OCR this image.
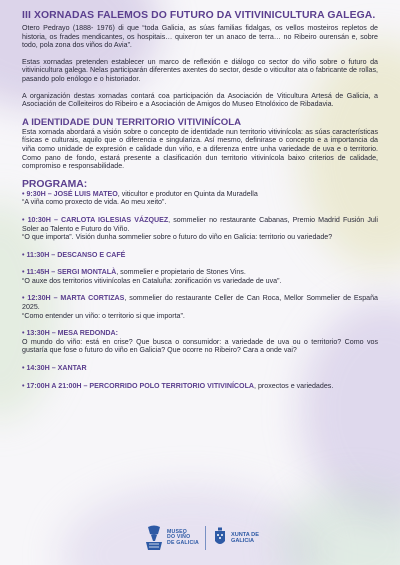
III XORNADAS FALEMOS DO FUTURO DA VITIVINICULTURA GALEGA.

Otero Pedrayo (1888- 1976) di que “toda Galicia, as súas familias fidalgas, os vellos mosteiros repletos de historia, os frades mendicantes, os hospitais… quixeron ter un anaco de terra… no Ribeiro ourensán e, sobre todo, pola zona dos viños do Avia”.

Estas xornadas pretenden establecer un marco de reflexión e diálogo co sector do viño sobre o futuro da vitivinicultura galega. Nelas participarán diferentes axentes do sector, desde o viticultor ata o fabricante de rollas, pasando polo enólogo e o historiador.

A organización destas xornadas contará coa participación da Asociación de Viticultura Artesá de Galicia, a Asociación de Colleiteiros do Ribeiro e a Asociación de Amigos do Museo Etnolóxico de Ribadavia.

A IDENTIDADE DUN TERRITORIO VITIVINÍCOLA

Esta xornada abordará a visión sobre o concepto de identidade nun territorio vitivinícola: as súas características físicas e culturais, aquilo que o diferencia e singulariza. Así mesmo, definirase o concepto e a importancia da viña como unidade de expresión e calidade dun viño, e a diferenza entre unha variedade de uva e o territorio. Como pano de fondo, estará presente a clasificación dun territorio vitivinícola baixo criterios de calidade, compromiso e responsabilidade.

PROGRAMA:
• 9:30H – JOSÉ LUIS MATEO, viticultor e produtor en Quinta da Muradella
“A viña como proxecto de vida. Ao meu xeito”.
• 10:30H – CARLOTA IGLESIAS VÁZQUEZ, sommelier no restaurante Cabanas, Premio Madrid Fusión Juli Soler ao Talento e Futuro do Viño.
“O que importa”. Visión dunha sommelier sobre o futuro do viño en Galicia: territorio ou variedade?
• 11:30H – DESCANSO E CAFÉ
• 11:45H – SERGI MONTALÀ, sommelier e propietario de Stones Vins.
“O auxe dos territorios vitivinícolas en Cataluña: zonificación vs variedade de uva”.
• 12:30H – MARTA CORTIZAS, sommelier do restaurante Celler de Can Roca, Mellor Sommelier de España 2025.
“Como entender un viño: o territorio si que importa”.
• 13:30H – MESA REDONDA:
O mundo do viño: está en crise? Que busca o consumidor: a variedade de uva ou o territorio? Como vos gustaría que fose o futuro do viño en Galicia? Que ocorre no Ribeiro? Cara a onde vai?
• 14:30H – XANTAR
• 17:00H A 21:00H – PERCORRIDO POLO TERRITORIO VITIVINÍCOLA, proxectos e variedades.
MUSEO
DO VIÑO
DE GALICIA
XUNTA DE GALICIA
